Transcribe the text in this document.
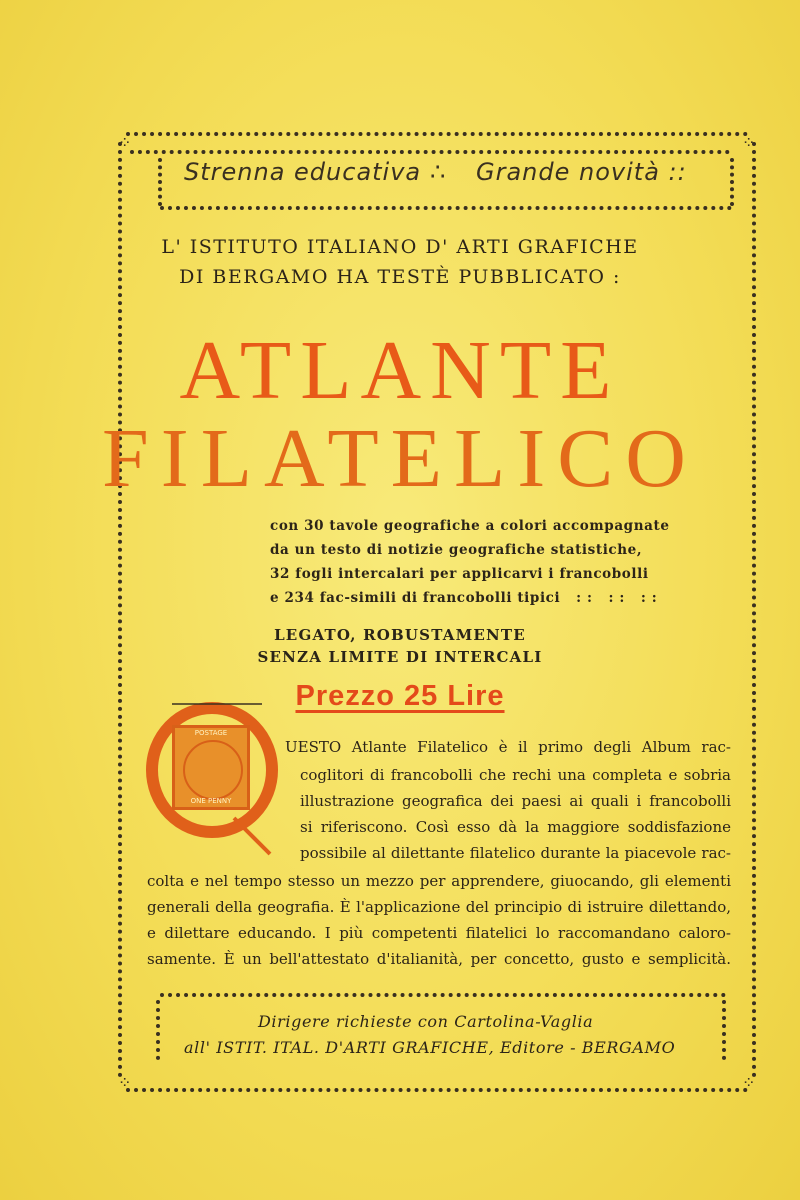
⁘	⁘
⁘	⁘
Strenna educativa ∴ Grande novità ::
L' ISTITUTO ITALIANO D' ARTI GRAFICHE
DI BERGAMO HA TESTÈ PUBBLICATO :
ATLANTE
FILATELICO
con 30 tavole geografiche a colori accompagnate
da un testo di notizie geografiche statistiche,
32 fogli intercalari per applicarvi i francobolli
e 234 fac-simili di francobolli tipici   : :   : :   : :
LEGATO, ROBUSTAMENTE
SENZA LIMITE DI INTERCALI
Prezzo 25 Lire
POSTAGE
ONE PENNY
UESTO Atlante Filatelico è il primo degli Album rac-
coglitori di francobolli che rechi una completa e sobria
illustrazione geografica dei paesi ai quali i francobolli
si riferiscono. Così esso dà la maggiore soddisfazione
possibile al dilettante filatelico durante la piacevole rac-
colta e nel tempo stesso un mezzo per apprendere, giuocando, gli elementi
generali della geografia. È l'applicazione del principio di istruire dilettando,
e dilettare educando. I più competenti filatelici lo raccomandano caloro-
samente. È un bell'attestato d'italianità, per concetto, gusto e semplicità.
Dirigere richieste con Cartolina-Vaglia
all' ISTIT. ITAL. D'ARTI GRAFICHE, Editore - BERGAMO
